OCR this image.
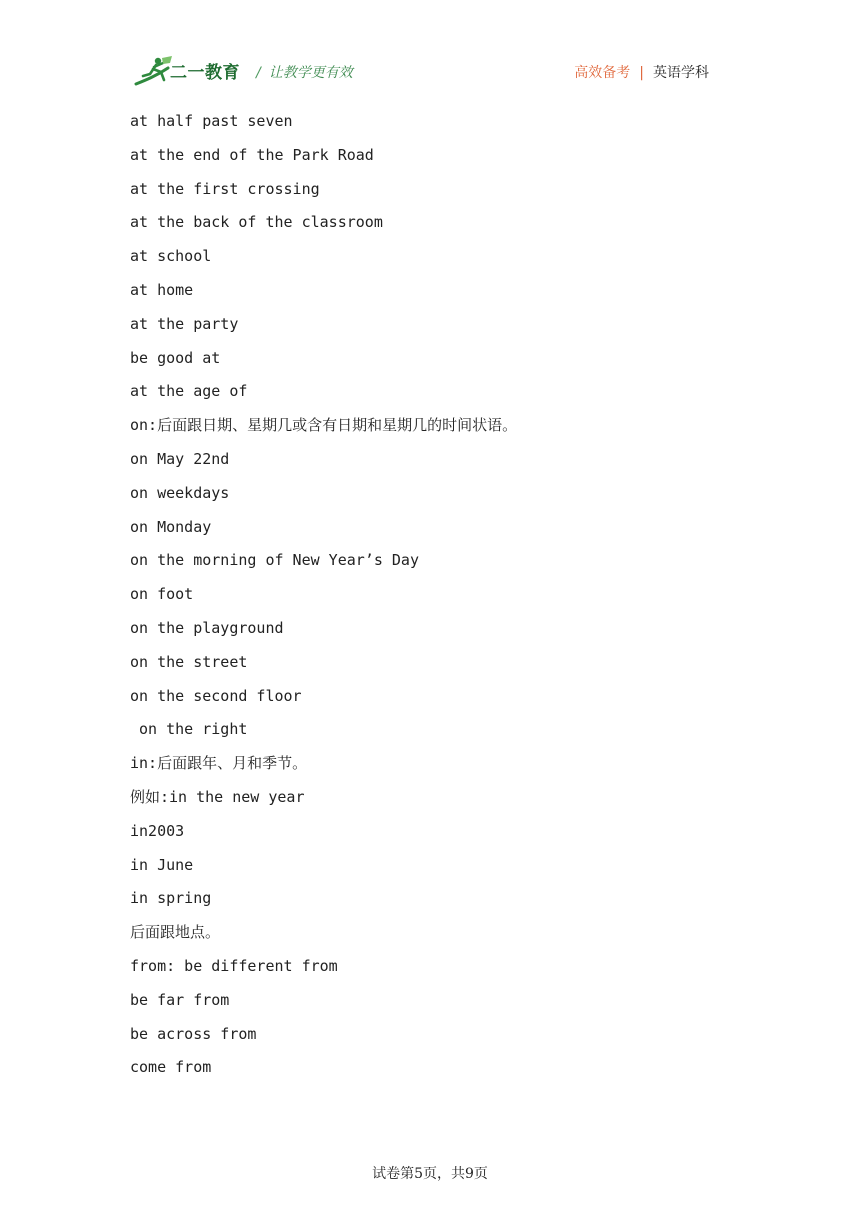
二一教育 / 让教学更有效	高效备考 | 英语学科
at half past seven
at the end of the Park Road
at the first crossing
at the back of the classroom
at school
at home
at the party
be good at
at the age of
on:后面跟日期、星期几或含有日期和星期几的时间状语。
on May 22nd
on weekdays
on Monday
on the morning of New Year’s Day
on foot
on the playground
on the street
on the second floor
on the right
in:后面跟年、月和季节。
例如:in the new year
in2003
in June
in spring
后面跟地点。
from: be different from
be far from
be across from
come from
试卷第5页，共9页
